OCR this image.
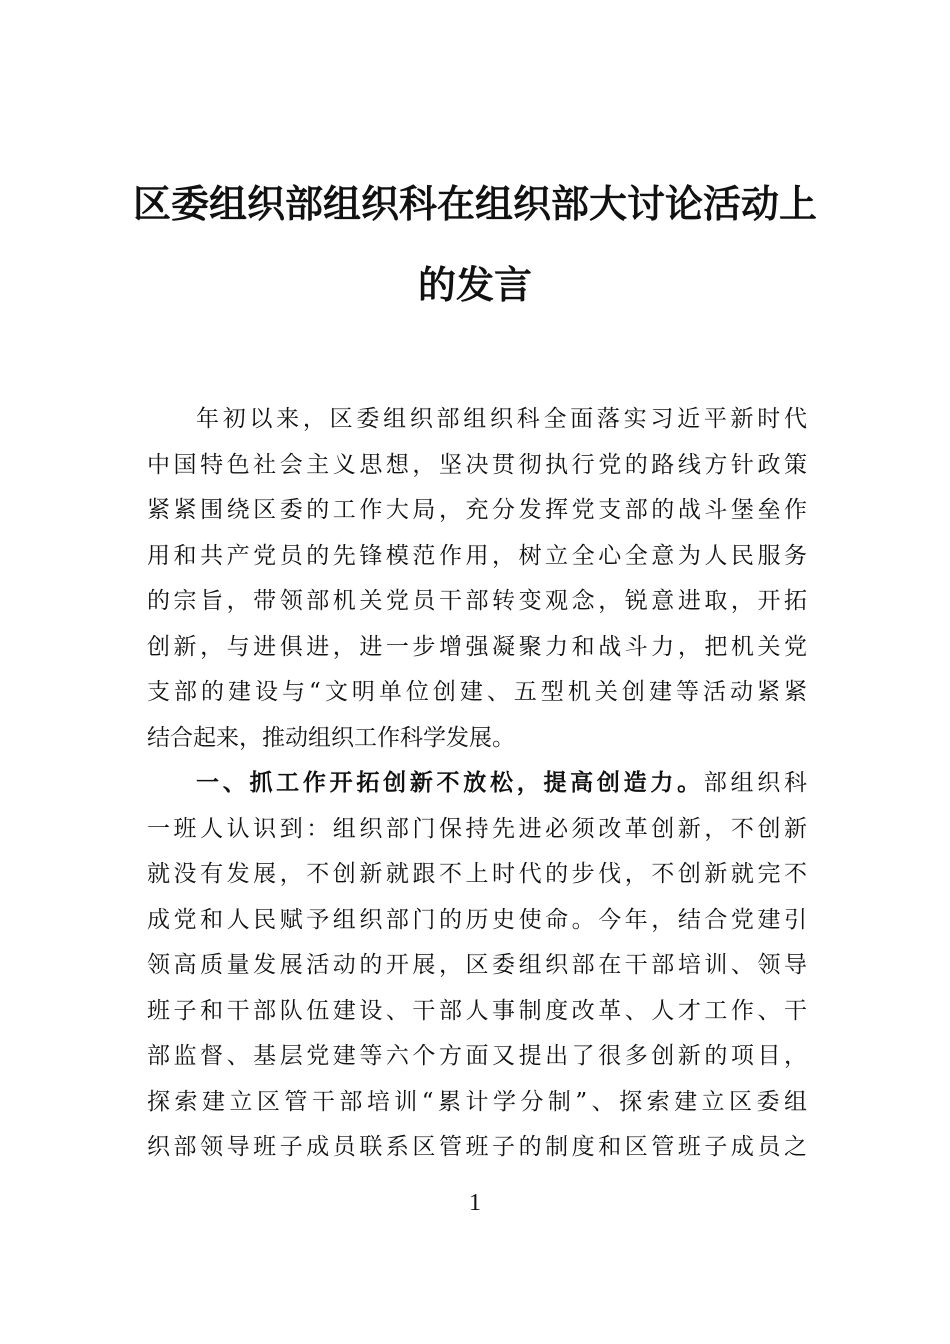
区委组织部组织科在组织部大讨论活动上
的发言
年初以来，区委组织部组织科全面落实习近平新时代
中国特色社会主义思想，坚决贯彻执行党的路线方针政策
紧紧围绕区委的工作大局，充分发挥党支部的战斗堡垒作
用和共产党员的先锋模范作用，树立全心全意为人民服务
的宗旨，带领部机关党员干部转变观念，锐意进取，开拓
创新，与进俱进，进一步增强凝聚力和战斗力，把机关党
支部的建设与“文明单位创建、五型机关创建等活动紧紧
结合起来，推动组织工作科学发展。
一、抓工作开拓创新不放松，提高创造力。部组织科
一班人认识到：组织部门保持先进必须改革创新，不创新
就没有发展，不创新就跟不上时代的步伐，不创新就完不
成党和人民赋予组织部门的历史使命。今年，结合党建引
领高质量发展活动的开展，区委组织部在干部培训、领导
班子和干部队伍建设、干部人事制度改革、人才工作、干
部监督、基层党建等六个方面又提出了很多创新的项目，
探索建立区管干部培训“累计学分制”、探索建立区委组
织部领导班子成员联系区管班子的制度和区管班子成员之
1
